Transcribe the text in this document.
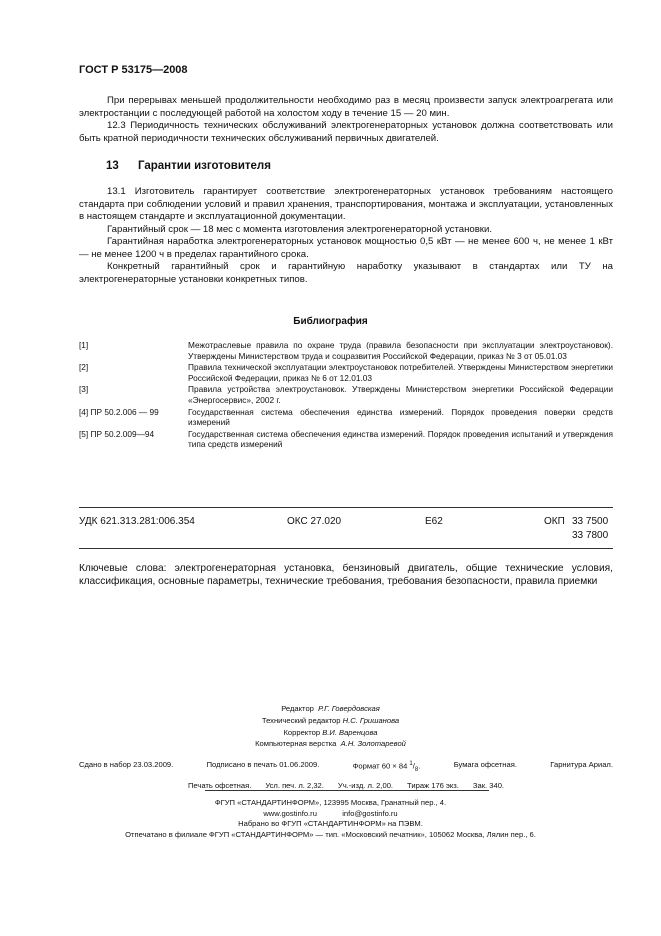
ГОСТ Р 53175—2008

При перерывах меньшей продолжительности необходимо раз в месяц произвести запуск электроагрегата или электростанции с последующей работой на холостом ходу в течение 15 — 20 мин.

12.3 Периодичность технических обслуживаний электрогенераторных установок должна соответствовать или быть кратной периодичности технических обслуживаний первичных двигателей.

13 Гарантии изготовителя

13.1 Изготовитель гарантирует соответствие электрогенераторных установок требованиям настоящего стандарта при соблюдении условий и правил хранения, транспортирования, монтажа и эксплуатации, установленных в настоящем стандарте и эксплуатационной документации.

Гарантийный срок — 18 мес с момента изготовления электрогенераторной установки.

Гарантийная наработка электрогенераторных установок мощностью 0,5 кВт — не менее 600 ч, не менее 1 кВт — не менее 1200 ч в пределах гарантийного срока.

Конкретный гарантийный срок и гарантийную наработку указывают в стандартах или ТУ на электрогенераторные установки конкретных типов.

Библиография
[1]	Межотраслевые правила по охране труда (правила безопасности при эксплуатации электроустановок). Утверждены Министерством труда и соцразвития Российской Федерации, приказ № 3 от 05.01.03
[2]	Правила технической эксплуатации электроустановок потребителей. Утверждены Министерством энергетики Российской Федерации, приказ № 6 от 12.01.03
[3]	Правила устройства электроустановок. Утверждены Министерством энергетики Российской Федерации «Энергосервис», 2002 г.
[4] ПР 50.2.006 — 99	Государственная система обеспечения единства измерений. Порядок проведения поверки средств измерений
[5] ПР 50.2.009—94	Государственная система обеспечения единства измерений. Порядок проведения испытаний и утверждения типа средств измерений
УДК 621.313.281:006.354	ОКС 27.020	E62	ОКП 33 7500
33 7800
Ключевые слова: электрогенераторная установка, бензиновый двигатель, общие технические условия, классификация, основные параметры, технические требования, требования безопасности, правила приемки
Редактор Р.Г. Говердовская
Технический редактор Н.С. Гришанова
Корректор В.И. Варенцова
Компьютерная верстка А.Н. Золотаревой
Сдано в набор 23.03.2009.	Подписано в печать 01.06.2009.	Формат 60 × 84 $^1/_8$.	Бумага офсетная.	Гарнитура Ариал.
Печать офсетная. Усл. печ. л. 2,32. Уч.-изд. л. 2,00. Тираж 176 экз. Зак. 340.
ФГУП «СТАНДАРТИНФОРМ», 123995 Москва, Гранатный пер., 4.
www.gostinfo.ru	info@gostinfo.ru
Набрано во ФГУП «СТАНДАРТИНФОРМ» на ПЭВМ.
Отпечатано в филиале ФГУП «СТАНДАРТИНФОРМ» — тип. «Московский печатник», 105062 Москва, Лялин пер., 6.
